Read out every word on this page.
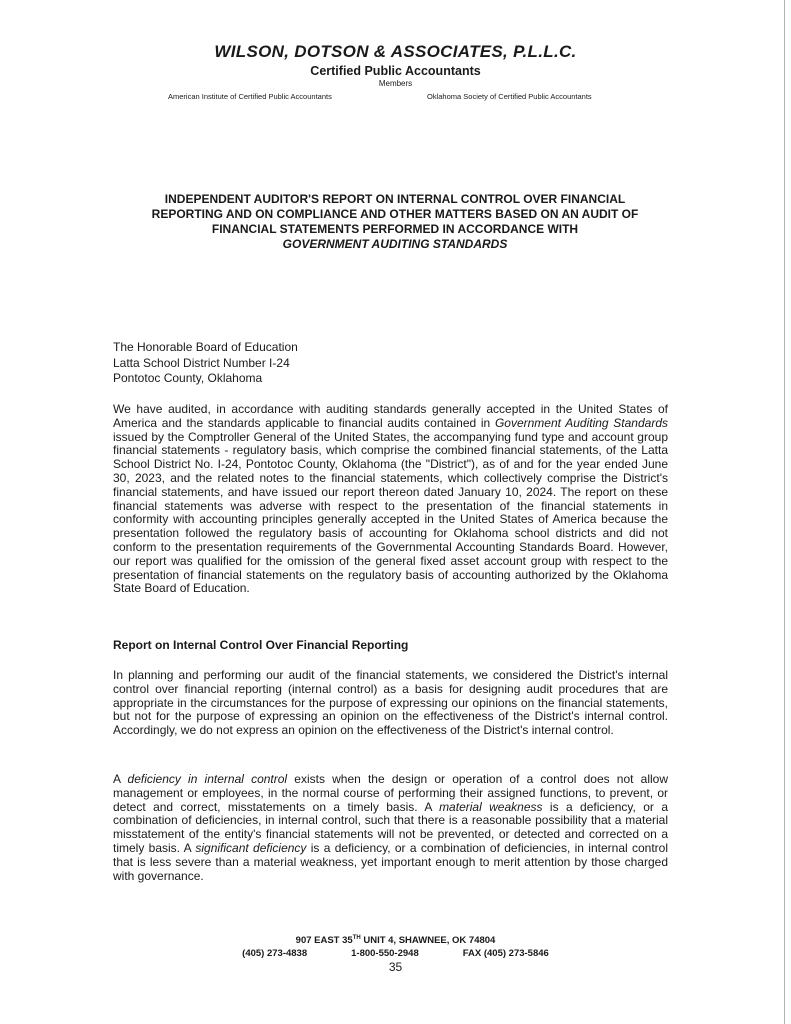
WILSON, DOTSON & ASSOCIATES, P.L.L.C.

Certified Public Accountants

Members

American Institute of Certified Public Accountants	Oklahoma Society of Certified Public Accountants
INDEPENDENT AUDITOR'S REPORT ON INTERNAL CONTROL OVER FINANCIAL
REPORTING AND ON COMPLIANCE AND OTHER MATTERS BASED ON AN AUDIT OF
FINANCIAL STATEMENTS PERFORMED IN ACCORDANCE WITH
GOVERNMENT AUDITING STANDARDS
The Honorable Board of Education
Latta School District Number I-24
Pontotoc County, Oklahoma

We have audited, in accordance with auditing standards generally accepted in the United States of America and the standards applicable to financial audits contained in Government Auditing Standards issued by the Comptroller General of the United States, the accompanying fund type and account group financial statements - regulatory basis, which comprise the combined financial statements, of the Latta School District No. I-24, Pontotoc County, Oklahoma (the "District"), as of and for the year ended June 30, 2023, and the related notes to the financial statements, which collectively comprise the District's financial statements, and have issued our report thereon dated January 10, 2024. The report on these financial statements was adverse with respect to the presentation of the financial statements in conformity with accounting principles generally accepted in the United States of America because the presentation followed the regulatory basis of accounting for Oklahoma school districts and did not conform to the presentation requirements of the Governmental Accounting Standards Board. However, our report was qualified for the omission of the general fixed asset account group with respect to the presentation of financial statements on the regulatory basis of accounting authorized by the Oklahoma State Board of Education.

Report on Internal Control Over Financial Reporting

In planning and performing our audit of the financial statements, we considered the District's internal control over financial reporting (internal control) as a basis for designing audit procedures that are appropriate in the circumstances for the purpose of expressing our opinions on the financial statements, but not for the purpose of expressing an opinion on the effectiveness of the District's internal control. Accordingly, we do not express an opinion on the effectiveness of the District's internal control.

A deficiency in internal control exists when the design or operation of a control does not allow management or employees, in the normal course of performing their assigned functions, to prevent, or detect and correct, misstatements on a timely basis. A material weakness is a deficiency, or a combination of deficiencies, in internal control, such that there is a reasonable possibility that a material misstatement of the entity's financial statements will not be prevented, or detected and corrected on a timely basis. A significant deficiency is a deficiency, or a combination of deficiencies, in internal control that is less severe than a material weakness, yet important enough to merit attention by those charged with governance.

907 EAST 35TH UNIT 4, SHAWNEE, OK 74804
(405) 273-4838	1-800-550-2948	FAX (405) 273-5846
35
